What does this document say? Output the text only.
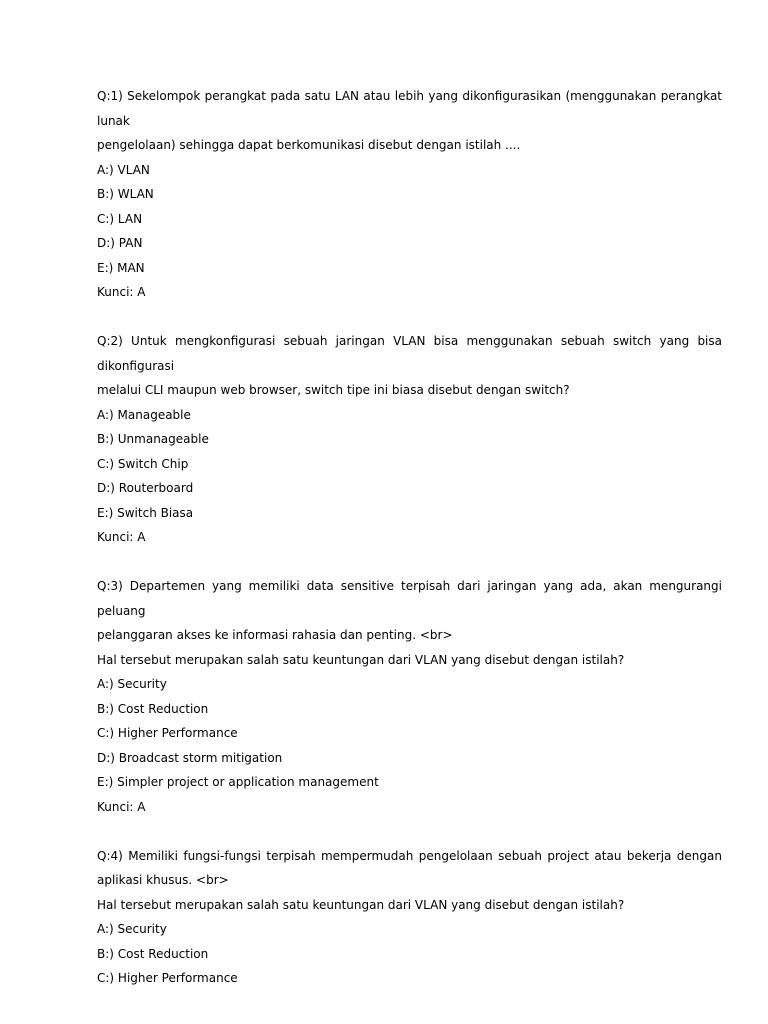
Q:1) Sekelompok perangkat pada satu LAN atau lebih yang dikonfigurasikan (menggunakan perangkat lunak

pengelolaan) sehingga dapat berkomunikasi disebut dengan istilah ....

A:) VLAN

B:) WLAN

C:) LAN

D:) PAN

E:) MAN

Kunci: A

Q:2) Untuk mengkonfigurasi sebuah jaringan VLAN bisa menggunakan sebuah switch yang bisa dikonfigurasi

melalui CLI maupun web browser, switch tipe ini biasa disebut dengan switch?

A:) Manageable

B:) Unmanageable

C:) Switch Chip

D:) Routerboard

E:) Switch Biasa

Kunci: A

Q:3) Departemen yang memiliki data sensitive terpisah dari jaringan yang ada, akan mengurangi peluang

pelanggaran akses ke informasi rahasia dan penting. <br>

Hal tersebut merupakan salah satu keuntungan dari VLAN yang disebut dengan istilah?

A:) Security

B:) Cost Reduction

C:) Higher Performance

D:) Broadcast storm mitigation

E:) Simpler project or application management

Kunci: A

Q:4) Memiliki fungsi-fungsi terpisah mempermudah pengelolaan sebuah project atau bekerja dengan

aplikasi khusus. <br>

Hal tersebut merupakan salah satu keuntungan dari VLAN yang disebut dengan istilah?

A:) Security

B:) Cost Reduction

C:) Higher Performance
